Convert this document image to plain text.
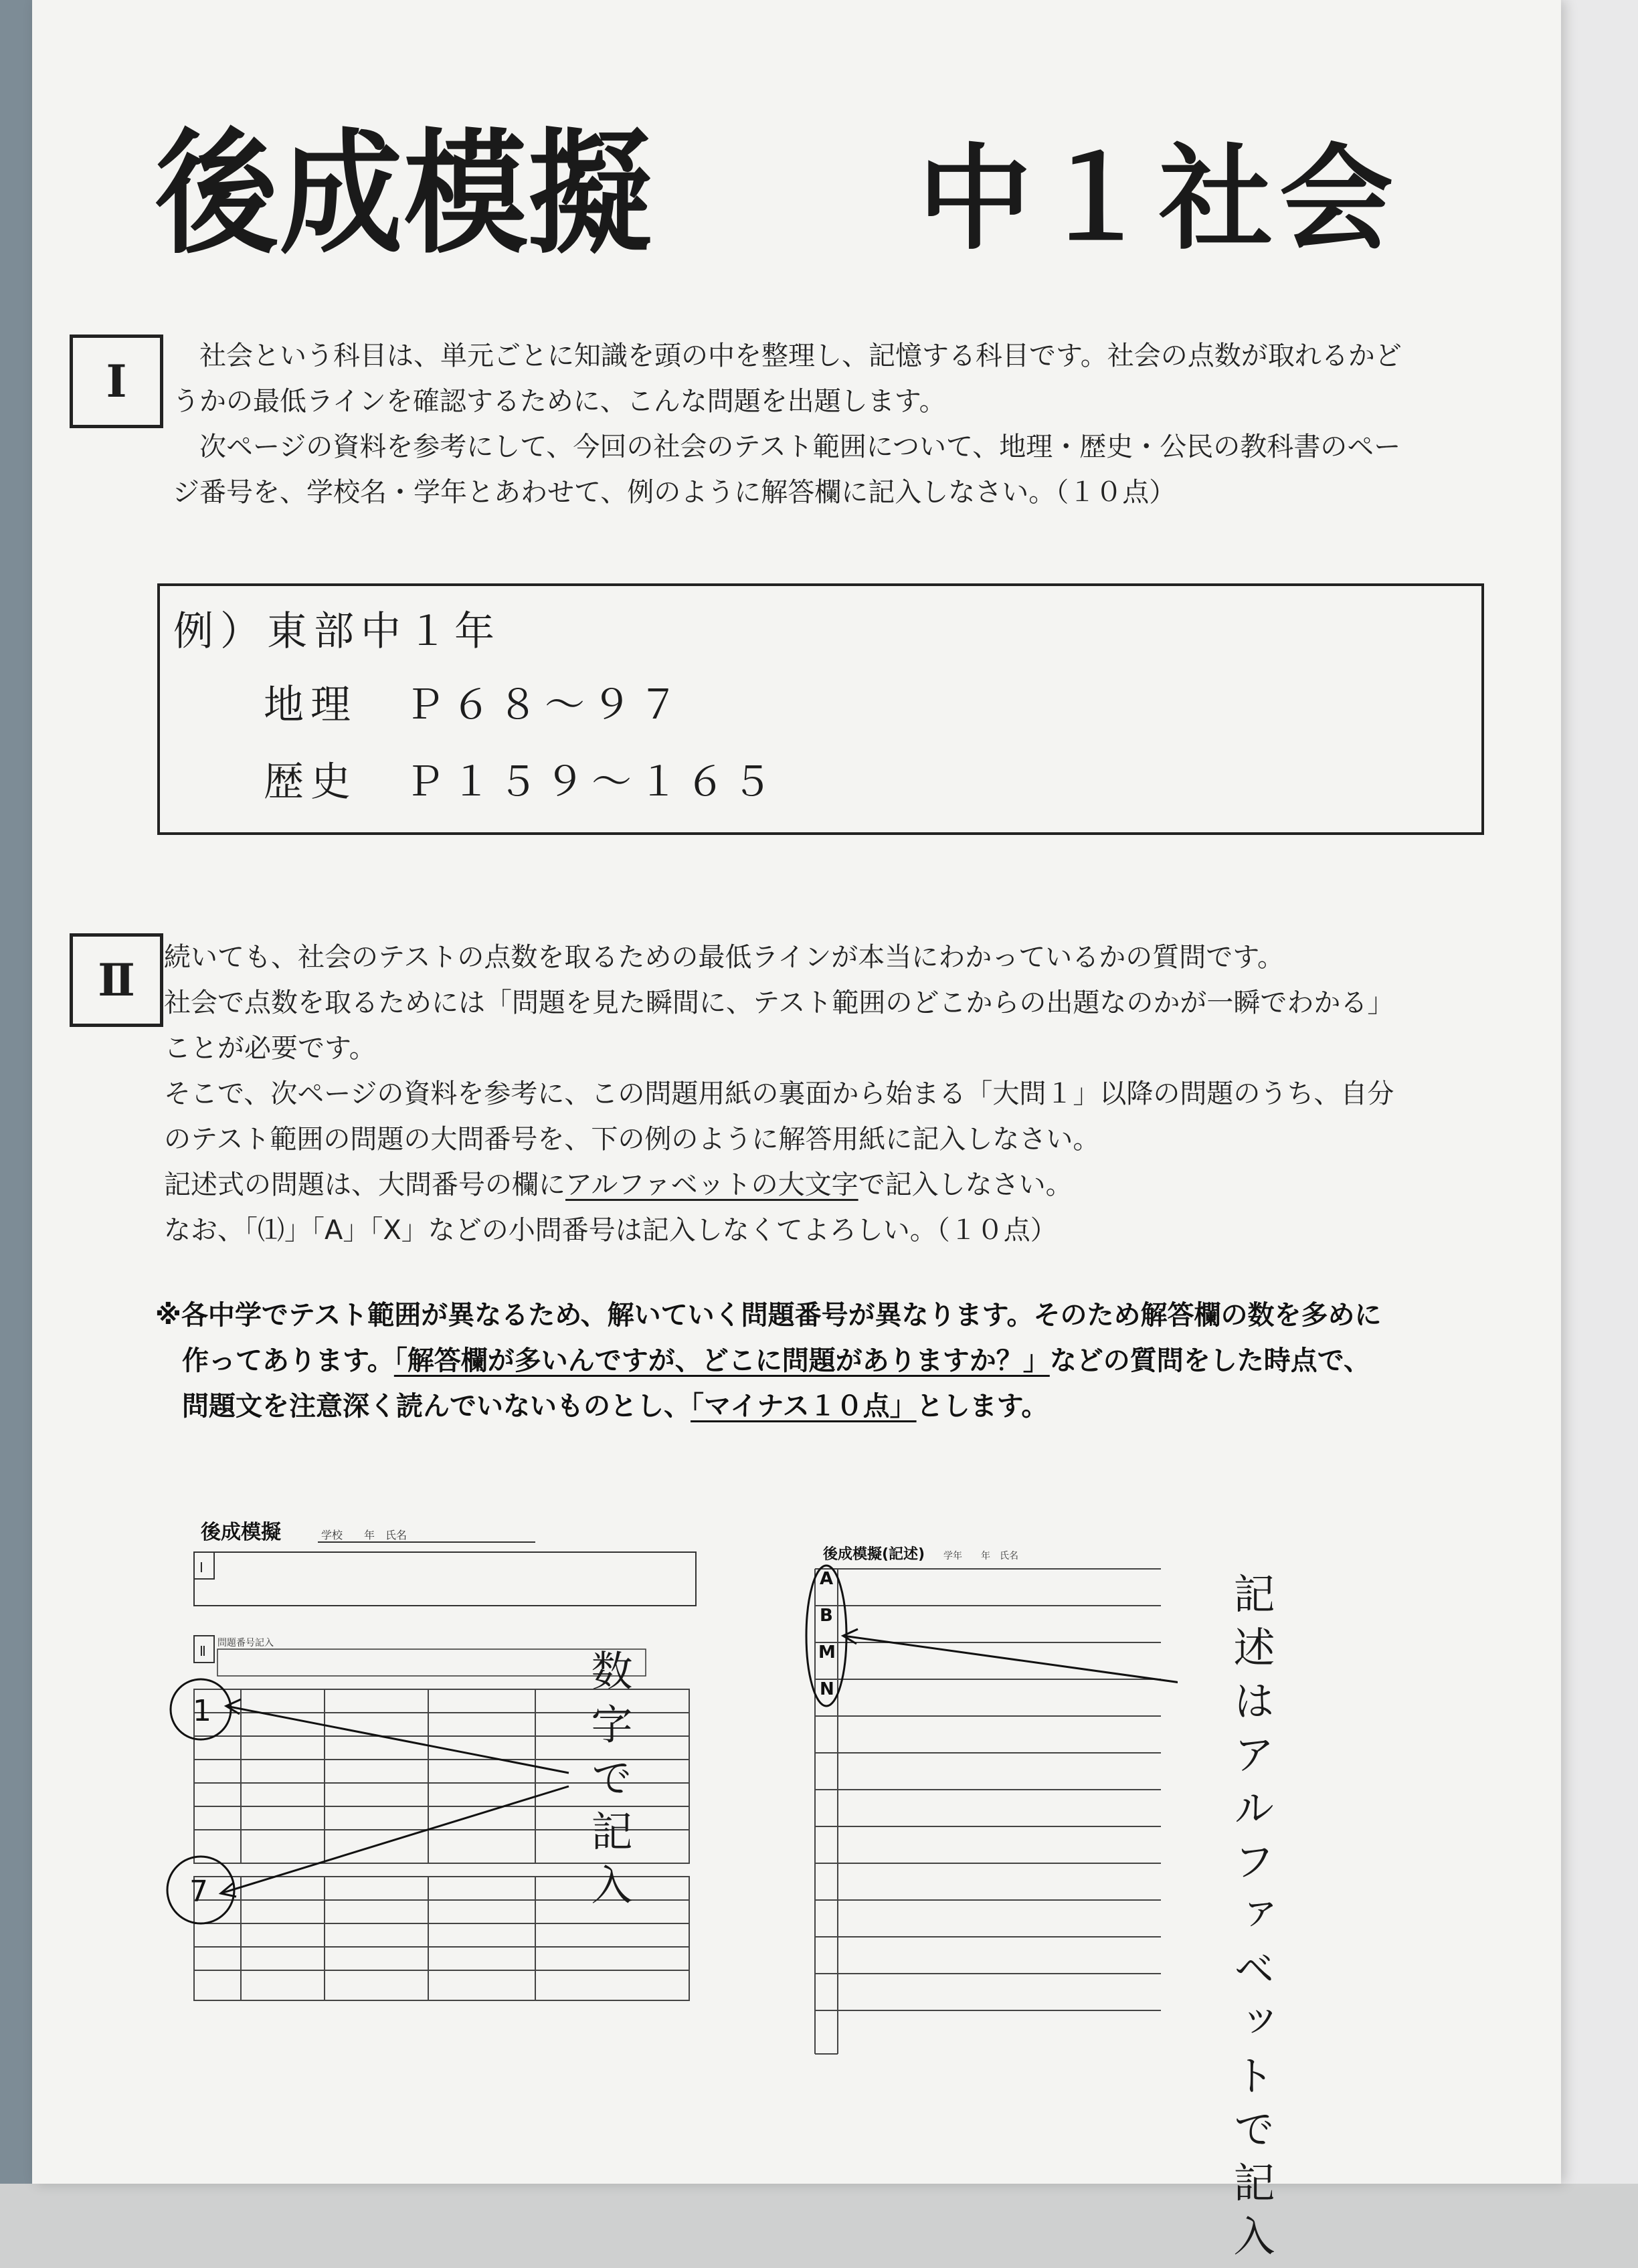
後成模擬 中１社会
Ⅰ	　社会という科目は、単元ごとに知識を頭の中を整理し、記憶する科目です。社会の点数が取れるかど

うかの最低ラインを確認するために、こんな問題を出題します。

　次ページの資料を参考にして、今回の社会のテスト範囲について、地理・歴史・公民の教科書のペー

ジ番号を、学校名・学年とあわせて、例のように解答欄に記入しなさい。（１０点）

例）東部中１年
地理　Ｐ６８～９７
歴史　Ｐ１５９～１６５
Ⅱ	続いても、社会のテストの点数を取るための最低ラインが本当にわかっているかの質問です。

社会で点数を取るためには「問題を見た瞬間に、テスト範囲のどこからの出題なのかが一瞬でわかる」

ことが必要です。

そこで、次ページの資料を参考に、この問題用紙の裏面から始まる「大問１」以降の問題のうち、自分

のテスト範囲の問題の大問番号を、下の例のように解答用紙に記入しなさい。

記述式の問題は、大問番号の欄にアルファベットの大文字で記入しなさい。

なお、「⑴」「A」「X」などの小問番号は記入しなくてよろしい。（１０点）

※各中学でテスト範囲が異なるため、解いていく問題番号が異なります。そのため解答欄の数を多めに

　作ってあります。「解答欄が多いんですが、どこに問題がありますか？」などの質問をした時点で、

　問題文を注意深く読んでいないものとし、「マイナス１０点」とします。

後成模擬	学校　　年　氏名
Ⅰ
Ⅱ 問題番号記入
1
7	数字で記入
後成模擬(記述) 学年　　年　氏名
A
B
M
N	記述はアルファベットで記入
